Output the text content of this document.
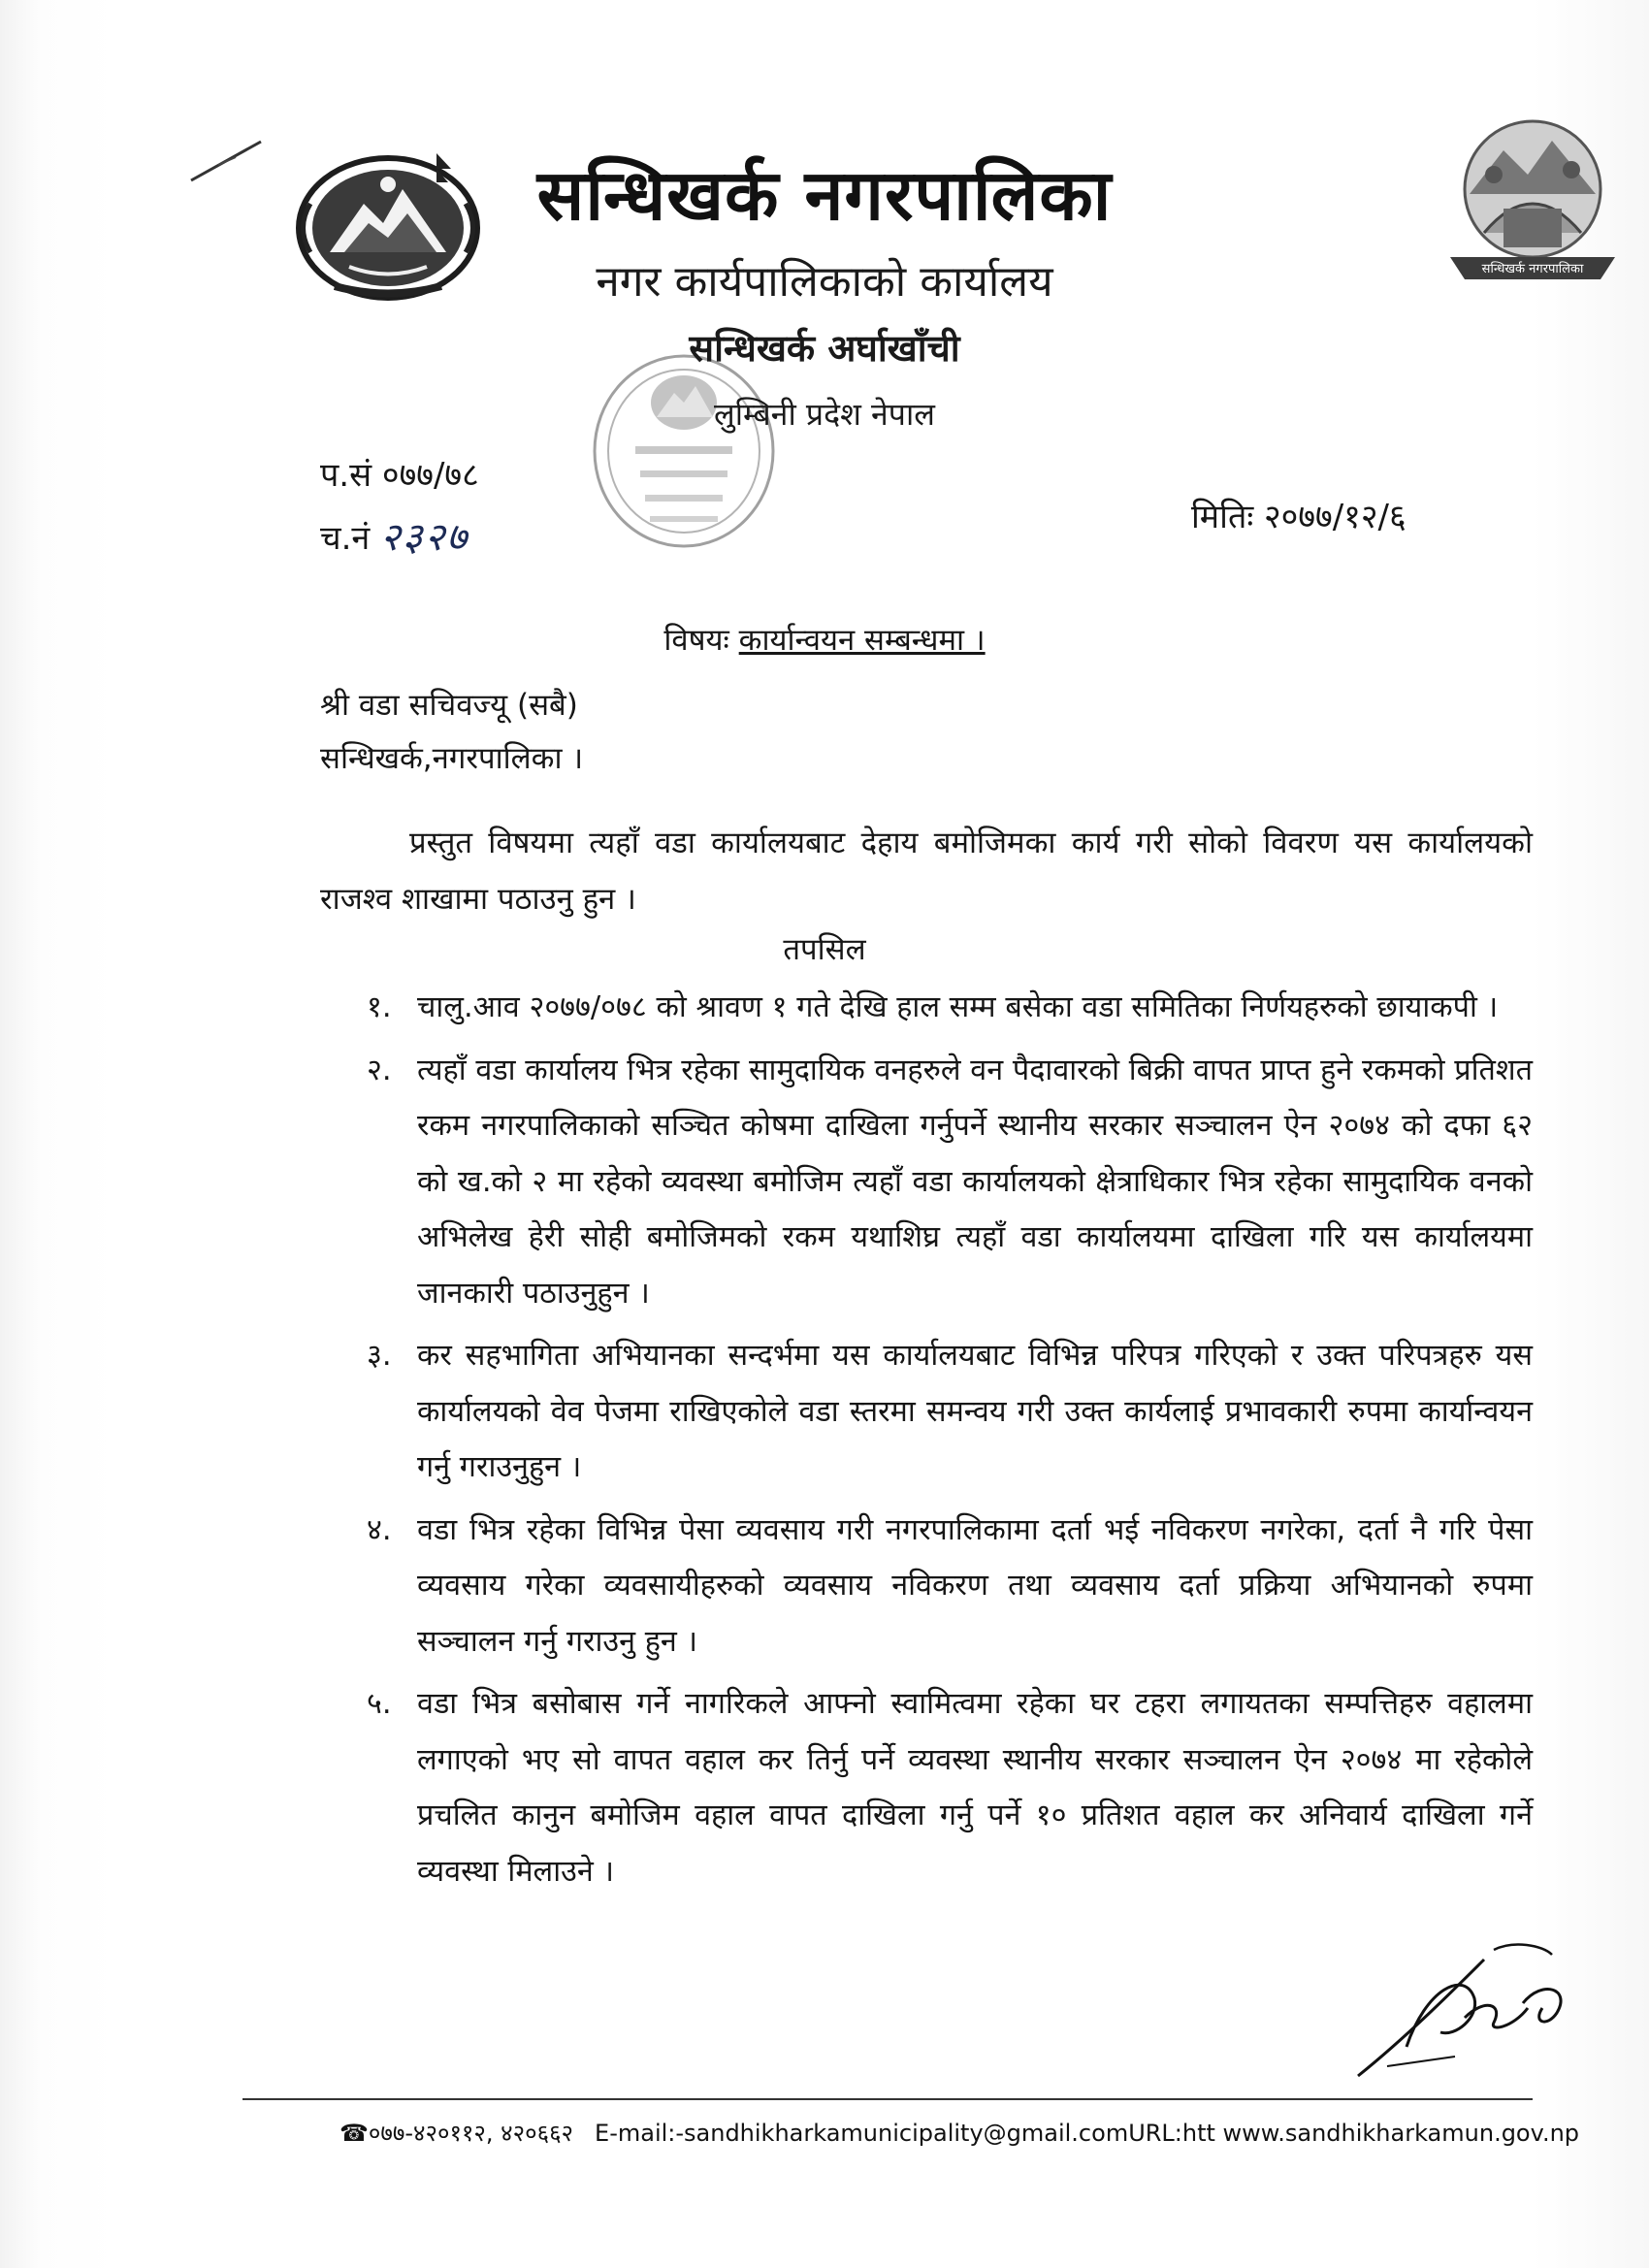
सन्धिखर्क नगरपालिका
सन्धिखर्क नगरपालिका
नगर कार्यपालिकाको कार्यालय
सन्धिखर्क अर्घाखाँची
लुम्बिनी प्रदेश नेपाल
प.सं ०७७/७८
च.नं २३२७	मितिः २०७७/१२/६
विषयः कार्यान्वयन सम्बन्धमा ।
श्री वडा सचिवज्यू (सबै)
सन्धिखर्क,नगरपालिका ।
प्रस्तुत विषयमा त्यहाँ वडा कार्यालयबाट देहाय बमोजिमका कार्य गरी सोको विवरण यस कार्यालयको राजश्व शाखामा पठाउनु हुन ।
तपसिल
१. चालु.आव २०७७/०७८ को श्रावण १ गते देखि हाल सम्म बसेका वडा समितिका निर्णयहरुको छायाकपी ।
२. त्यहाँ वडा कार्यालय भित्र रहेका सामुदायिक वनहरुले वन पैदावारको बिक्री वापत प्राप्त हुने रकमको प्रतिशत रकम नगरपालिकाको सञ्चित कोषमा दाखिला गर्नुपर्ने स्थानीय सरकार सञ्चालन ऐन २०७४ को दफा ६२ को ख.को २ मा रहेको व्यवस्था बमोजिम त्यहाँ वडा कार्यालयको क्षेत्राधिकार भित्र रहेका सामुदायिक वनको अभिलेख हेरी सोही बमोजिमको रकम यथाशिघ्र त्यहाँ वडा कार्यालयमा दाखिला गरि यस कार्यालयमा जानकारी पठाउनुहुन ।
३. कर सहभागिता अभियानका सन्दर्भमा यस कार्यालयबाट विभिन्न परिपत्र गरिएको र उक्त परिपत्रहरु यस कार्यालयको वेव पेजमा राखिएकोले वडा स्तरमा समन्वय गरी उक्त कार्यलाई प्रभावकारी रुपमा कार्यान्वयन गर्नु गराउनुहुन ।
४. वडा भित्र रहेका विभिन्न पेसा व्यवसाय गरी नगरपालिकामा दर्ता भई नविकरण नगरेका, दर्ता नै गरि पेसा व्यवसाय गरेका व्यवसायीहरुको व्यवसाय नविकरण तथा व्यवसाय दर्ता प्रक्रिया अभियानको रुपमा सञ्चालन गर्नु गराउनु हुन ।
५. वडा भित्र बसोबास गर्ने नागरिकले आफ्नो स्वामित्वमा रहेका घर टहरा लगायतका सम्पत्तिहरु वहालमा लगाएको भए सो वापत वहाल कर तिर्नु पर्ने व्यवस्था स्थानीय सरकार सञ्चालन ऐन २०७४ मा रहेकोले प्रचलित कानुन बमोजिम वहाल वापत दाखिला गर्नु पर्ने १० प्रतिशत वहाल कर अनिवार्य दाखिला गर्ने व्यवस्था मिलाउने ।
☎०७७-४२०११२, ४२०६६२ E-mail:-sandhikharkamunicipality@gmail.comURL:htt www.sandhikharkamun.gov.np
